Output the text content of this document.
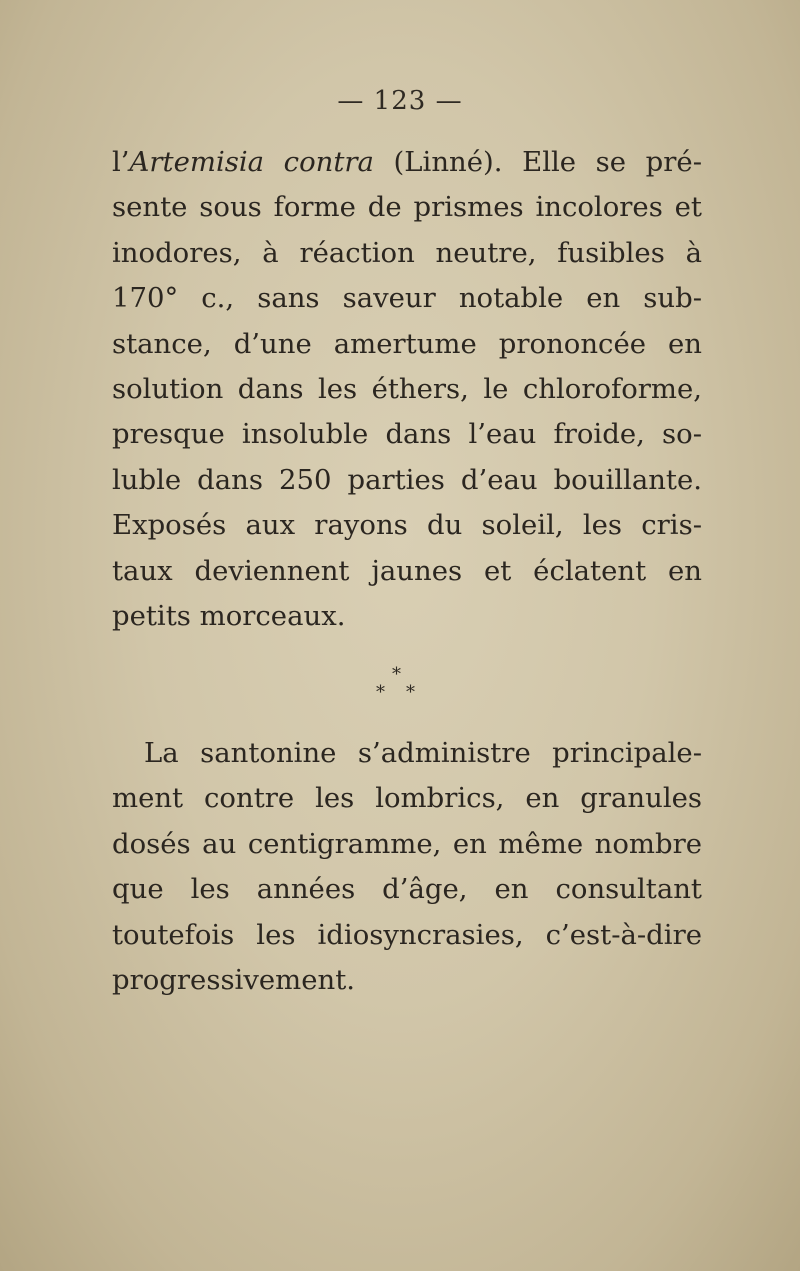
— 123 —
l’Artemisia contra (Linné). Elle se pré-
sente sous forme de prismes incolores et
inodores, à réaction neutre, fusibles à
170° c., sans saveur notable en sub-
stance, d’une amertume prononcée en
solution dans les éthers, le chloroforme,
presque insoluble dans l’eau froide, so-
luble dans 250 parties d’eau bouillante.
Exposés aux rayons du soleil, les cris-
taux deviennent jaunes et éclatent en
petits morceaux.
*
* *
La santonine s’administre principale-
ment contre les lombrics, en granules
dosés au centigramme, en même nombre
que les années d’âge, en consultant
toutefois les idiosyncrasies, c’est-à-dire
progressivement.
